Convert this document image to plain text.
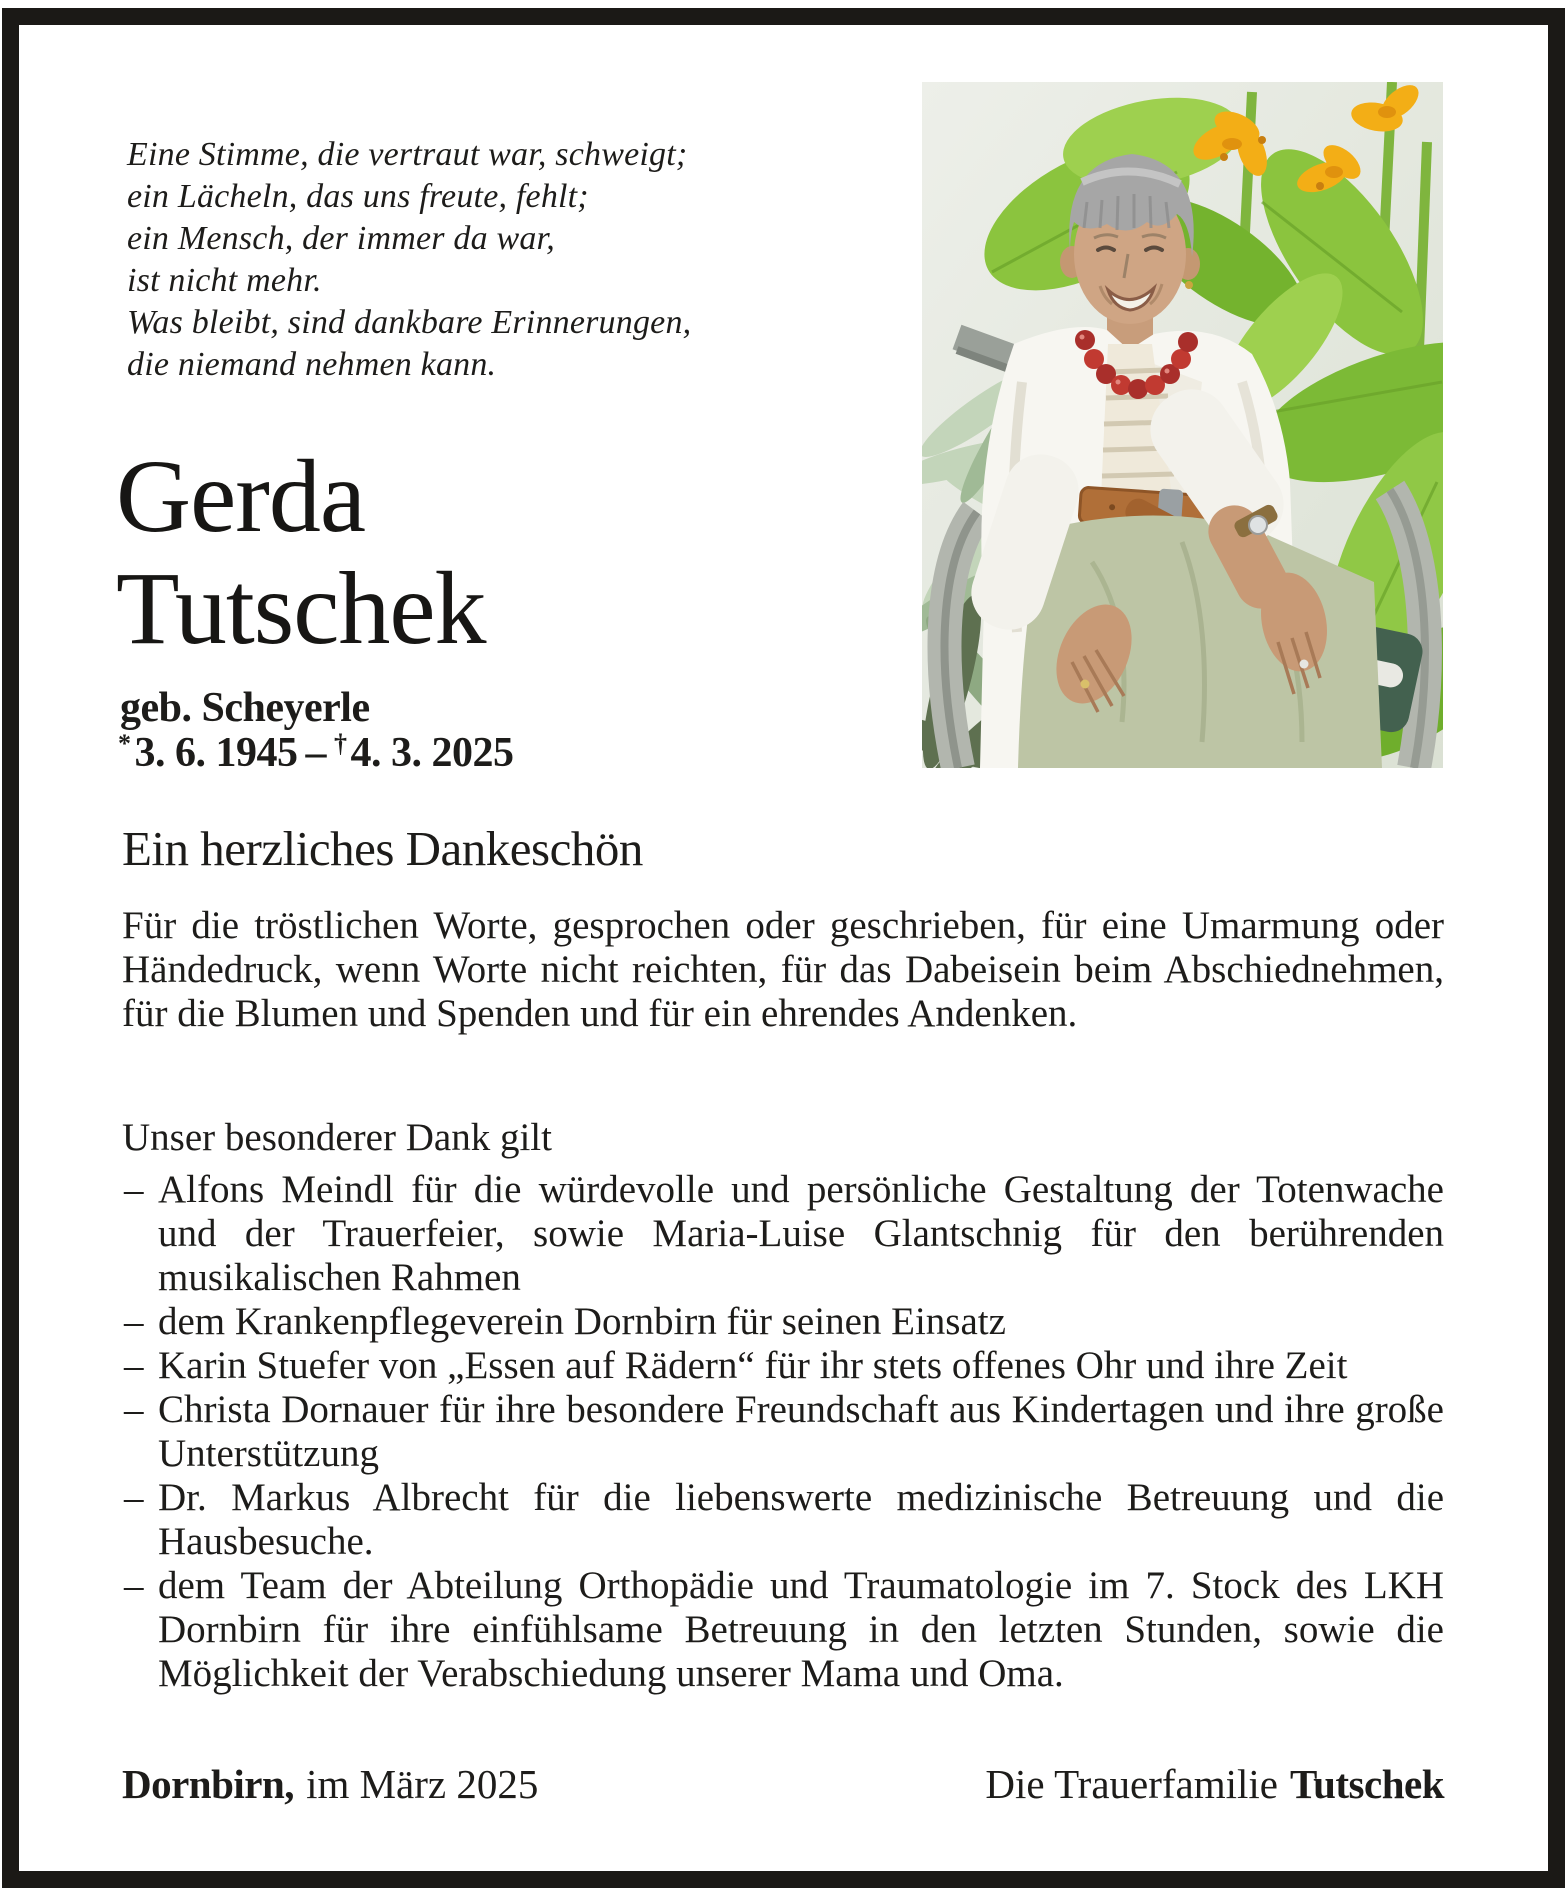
Eine Stimme, die vertraut war, schweigt;
ein Lächeln, das uns freute, fehlt;
ein Mensch, der immer da war,
ist nicht mehr.
Was bleibt, sind dankbare Erinnerungen,
die niemand nehmen kann.
Gerda
Tutschek
geb. Scheyerle
*3. 6. 1945 – †4. 3. 2025
Ein herzliches Dankeschön
Für die tröstlichen Worte, gesprochen oder geschrieben, für eine Umarmung oder Händedruck, wenn Worte nicht reichten, für das Dabeisein beim Abschiednehmen, für die Blumen und Spenden und für ein ehrendes Andenken.
Unser besonderer Dank gilt
– Alfons Meindl für die würdevolle und persönliche Gestaltung der Totenwache und der Trauerfeier, sowie Maria-Luise Glantschnig für den berührenden musikalischen Rahmen
– dem Krankenpflegeverein Dornbirn für seinen Einsatz
– Karin Stuefer von „Essen auf Rädern“ für ihr stets offenes Ohr und ihre Zeit
– Christa Dornauer für ihre besondere Freundschaft aus Kindertagen und ihre große Unterstützung
– Dr. Markus Albrecht für die liebenswerte medizinische Betreuung und die Hausbesuche.
– dem Team der Abteilung Orthopädie und Traumatologie im 7. Stock des LKH Dornbirn für ihre einfühlsame Betreuung in den letzten Stunden, sowie die Möglichkeit der Verabschiedung unserer Mama und Oma.
Dornbirn, im März 2025	Die Trauerfamilie Tutschek
